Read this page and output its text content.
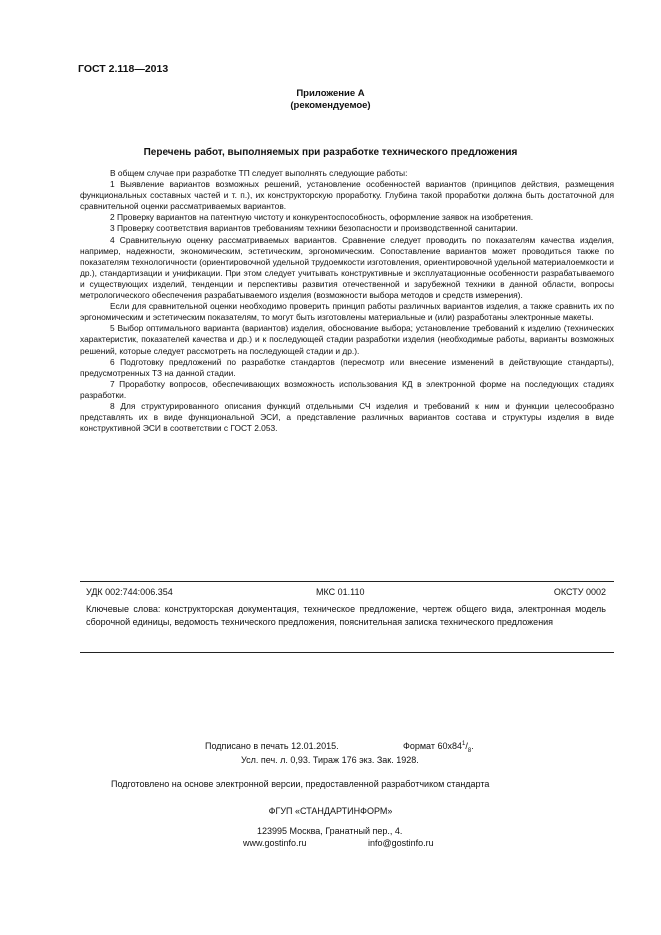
ГОСТ 2.118—2013
Приложение А
(рекомендуемое)
Перечень работ, выполняемых при разработке технического предложения

В общем случае при разработке ТП следует выполнять следующие работы:

1 Выявление вариантов возможных решений, установление особенностей вариантов (принципов действия, размещения функциональных составных частей и т. п.), их конструкторскую проработку. Глубина такой проработки должна быть достаточной для сравнительной оценки рассматриваемых вариантов.

2 Проверку вариантов на патентную чистоту и конкурентоспособность, оформление заявок на изобретения.

3 Проверку соответствия вариантов требованиям техники безопасности и производственной санитарии.

4 Сравнительную оценку рассматриваемых вариантов. Сравнение следует проводить по показателям качества изделия, например, надежности, экономическим, эстетическим, эргономическим. Сопоставление вариантов может проводиться также по показателям технологичности (ориентировочной удельной трудоемкости изготовления, ориентировочной удельной материалоемкости и др.), стандартизации и унификации. При этом следует учитывать конструктивные и эксплуатационные особенности разрабатываемого и существующих изделий, тенденции и перспективы развития отечественной и зарубежной техники в данной области, вопросы метрологического обеспечения разрабатываемого изделия (возможности выбора методов и средств измерения).

Если для сравнительной оценки необходимо проверить принцип работы различных вариантов изделия, а также сравнить их по эргономическим и эстетическим показателям, то могут быть изготовлены материальные и (или) разработаны электронные макеты.

5 Выбор оптимального варианта (вариантов) изделия, обоснование выбора; установление требований к изделию (технических характеристик, показателей качества и др.) и к последующей стадии разработки изделия (необходимые работы, варианты возможных решений, которые следует рассмотреть на последующей стадии и др.).

6 Подготовку предложений по разработке стандартов (пересмотр или внесение изменений в действующие стандарты), предусмотренных ТЗ на данной стадии.

7 Проработку вопросов, обеспечивающих возможность использования КД в электронной форме на последующих стадиях разработки.

8 Для структурированного описания функций отдельными СЧ изделия и требований к ним и функции целесообразно представлять их в виде функциональной ЭСИ, а представление различных вариантов состава и структуры изделия в виде конструктивной ЭСИ в соответствии с ГОСТ 2.053.

УДК 002:744:006.354	МКС 01.110	ОКСТУ 0002
Ключевые слова: конструкторская документация, техническое предложение, чертеж общего вида, электронная модель сборочной единицы, ведомость технического предложения, пояснительная записка технического предложения
Подписано в печать 12.01.2015.	Формат $60х84^1/_8$.
Усл. печ. л. 0,93. Тираж 176 экз. Зак. 1928.
Подготовлено на основе электронной версии, предоставленной разработчиком стандарта
ФГУП «СТАНДАРТИНФОРМ»
123995 Москва, Гранатный пер., 4.
www.gostinfo.ru	info@gostinfo.ru
